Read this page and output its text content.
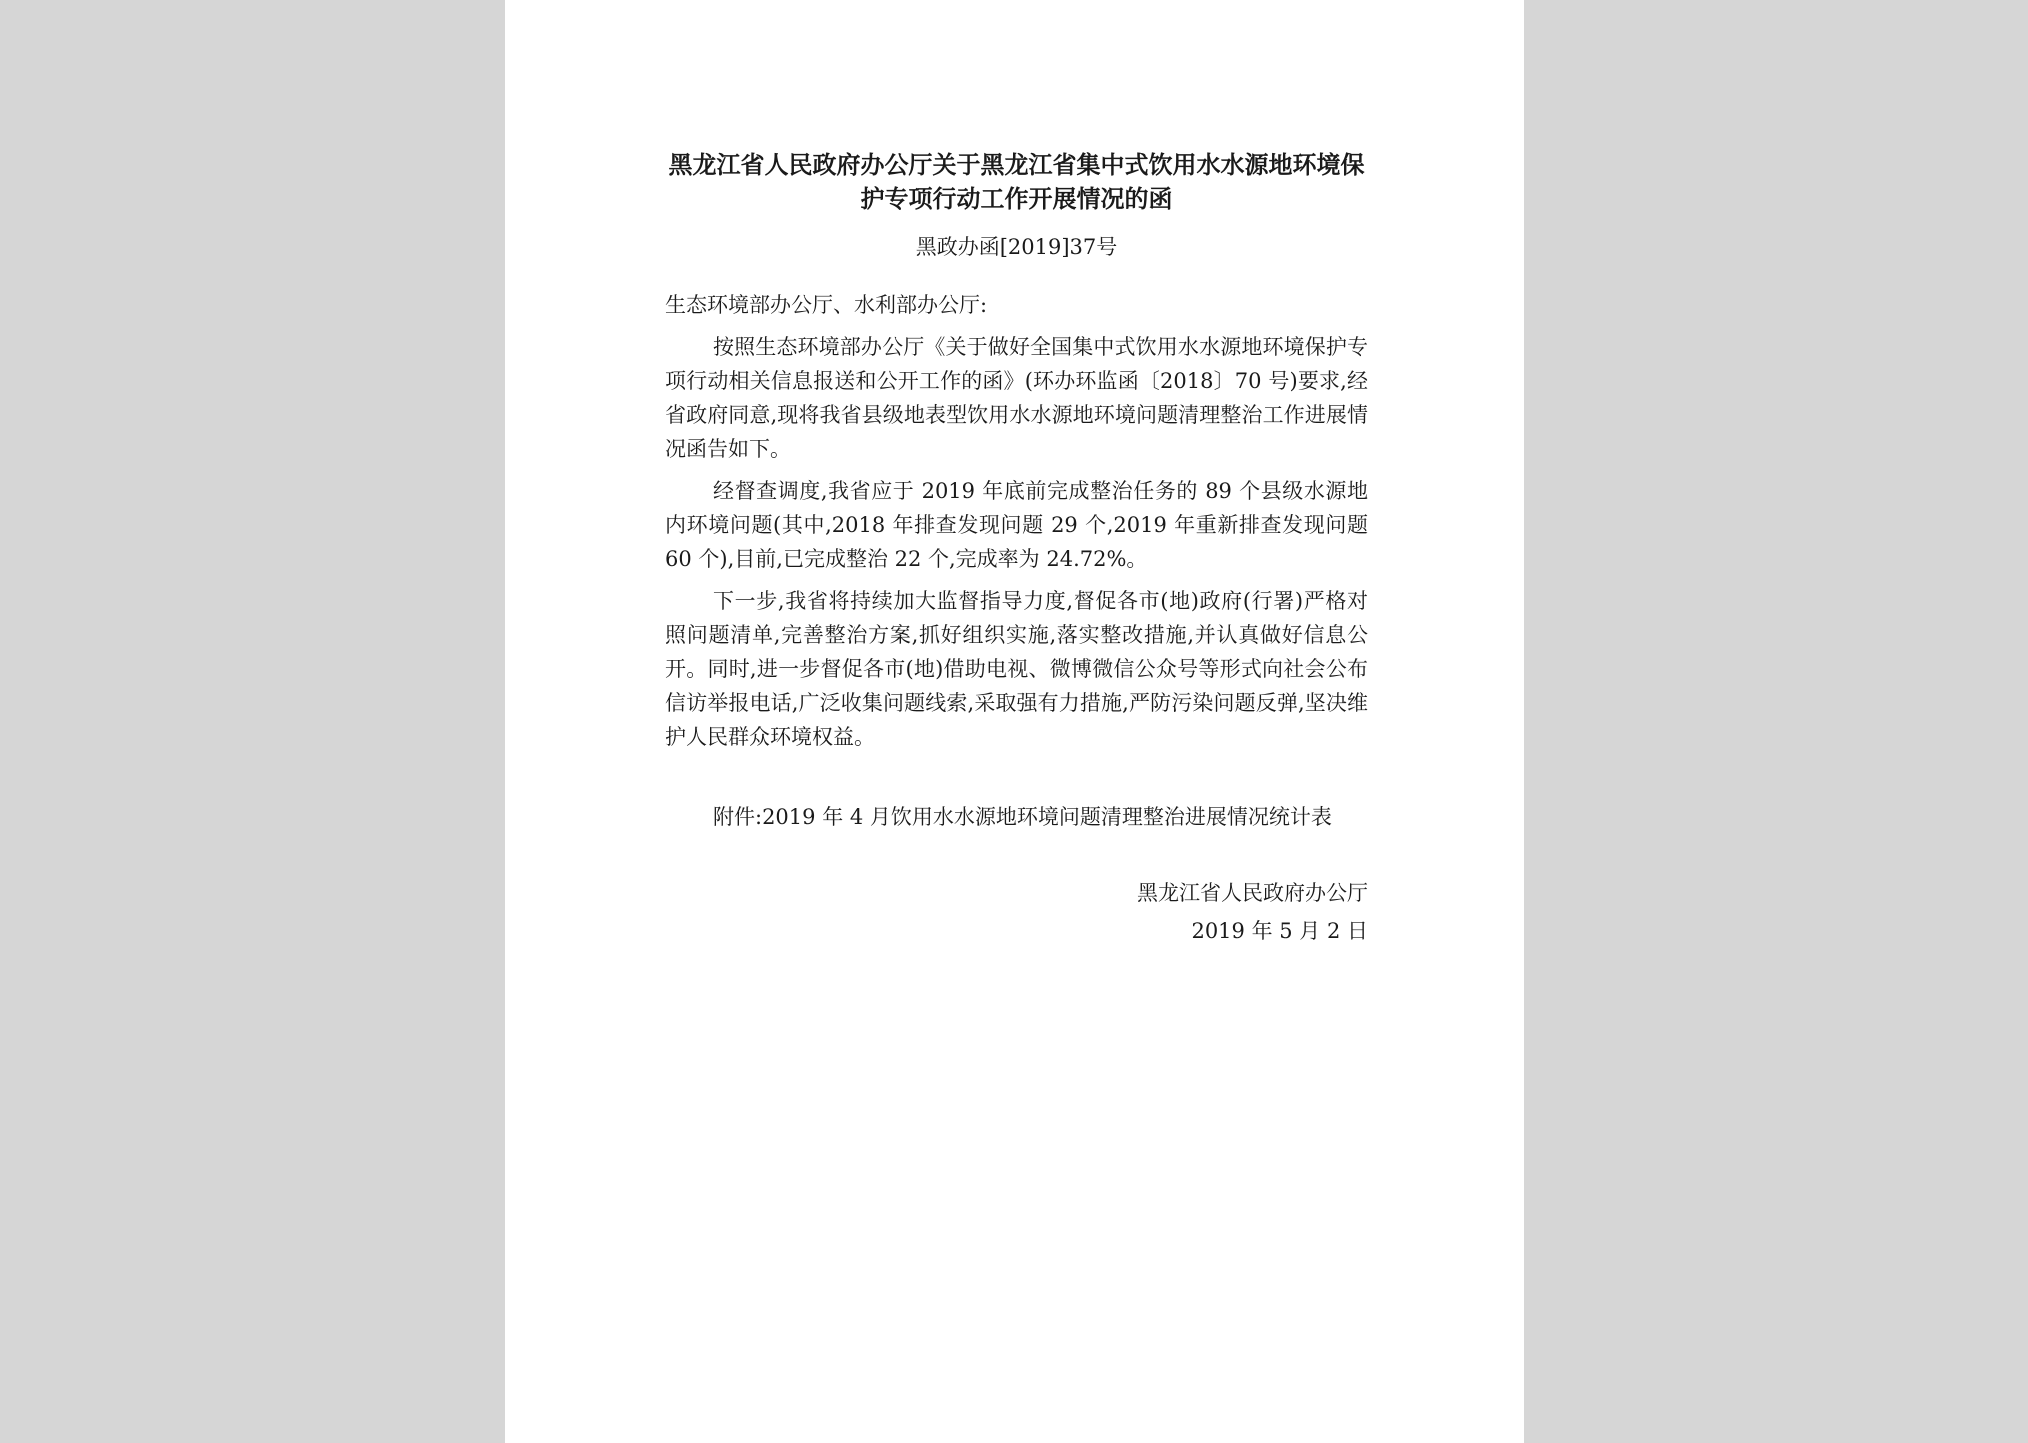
黑龙江省人民政府办公厅关于黑龙江省集中式饮用水水源地环境保护专项行动工作开展情况的函
黑政办函[2019]37号
生态环境部办公厅、水利部办公厅:

按照生态环境部办公厅《关于做好全国集中式饮用水水源地环境保护专项行动相关信息报送和公开工作的函》(环办环监函〔2018〕70 号)要求,经省政府同意,现将我省县级地表型饮用水水源地环境问题清理整治工作进展情况函告如下。

经督查调度,我省应于 2019 年底前完成整治任务的 89 个县级水源地内环境问题(其中,2018 年排查发现问题 29 个,2019 年重新排查发现问题 60 个),目前,已完成整治 22 个,完成率为 24.72%。

下一步,我省将持续加大监督指导力度,督促各市(地)政府(行署)严格对照问题清单,完善整治方案,抓好组织实施,落实整改措施,并认真做好信息公开。同时,进一步督促各市(地)借助电视、微博微信公众号等形式向社会公布信访举报电话,广泛收集问题线索,采取强有力措施,严防污染问题反弹,坚决维护人民群众环境权益。

附件:2019 年 4 月饮用水水源地环境问题清理整治进展情况统计表
黑龙江省人民政府办公厅
2019 年 5 月 2 日
